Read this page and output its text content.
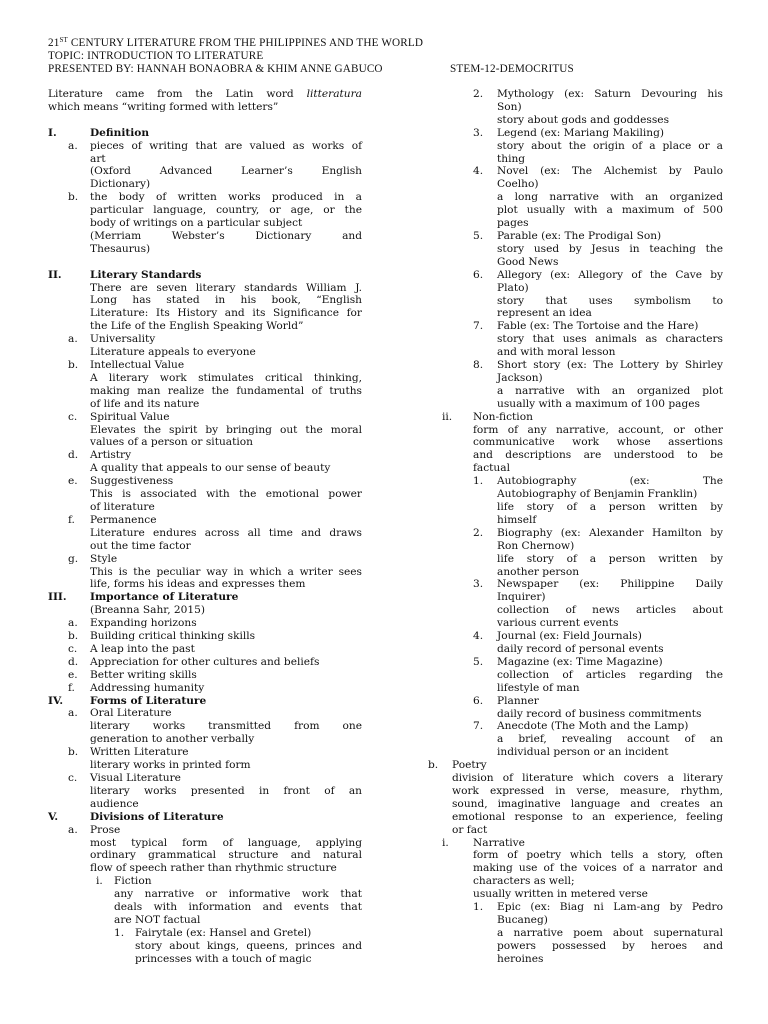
21ST CENTURY LITERATURE FROM THE PHILIPPINES AND THE WORLD
TOPIC: INTRODUCTION TO LITERATURE
PRESENTED BY: HANNAH BONAOBRA & KHIM ANNE GABUCO	STEM-12-DEMOCRITUS
Literature came from the Latin word litteratura
which means “writing formed with letters”
I.	Definition
a. pieces of writing that are valued as works of
art
(Oxford Advanced Learner’s English
Dictionary)
b. the body of written works produced in a
particular language, country, or age, or the
body of writings on a particular subject
(Merriam Webster’s Dictionary and
Thesaurus)
II.	Literary Standards
There are seven literary standards William J.
Long has stated in his book, “English
Literature: Its History and its Significance for
the Life of the English Speaking World”
a. Universality
Literature appeals to everyone
b. Intellectual Value
A literary work stimulates critical thinking,
making man realize the fundamental of truths
of life and its nature
c. Spiritual Value
Elevates the spirit by bringing out the moral
values of a person or situation
d. Artistry
A quality that appeals to our sense of beauty
e. Suggestiveness
This is associated with the emotional power
of literature
f. Permanence
Literature endures across all time and draws
out the time factor
g. Style
This is the peculiar way in which a writer sees
life, forms his ideas and expresses them
III. Importance of Literature
(Breanna Sahr, 2015)
a. Expanding horizons
b. Building critical thinking skills
c. A leap into the past
d. Appreciation for other cultures and beliefs
e. Better writing skills
f. Addressing humanity
IV.	Forms of Literature
a. Oral Literature
literary works transmitted from one
generation to another verbally
b. Written Literature
literary works in printed form
c. Visual Literature
literary works presented in front of an
audience
V.	Divisions of Literature
a. Prose
most typical form of language, applying
ordinary grammatical structure and natural
flow of speech rather than rhythmic structure
i. Fiction
any narrative or informative work that
deals with information and events that
are NOT factual
1. Fairytale (ex: Hansel and Gretel)
story about kings, queens, princes and
princesses with a touch of magic
2. Mythology (ex: Saturn Devouring his
Son)
story about gods and goddesses
3. Legend (ex: Mariang Makiling)
story about the origin of a place or a
thing
4. Novel (ex: The Alchemist by Paulo
Coelho)
a long narrative with an organized
plot usually with a maximum of 500
pages
5. Parable (ex: The Prodigal Son)
story used by Jesus in teaching the
Good News
6. Allegory (ex: Allegory of the Cave by
Plato)
story that uses symbolism to
represent an idea
7. Fable (ex: The Tortoise and the Hare)
story that uses animals as characters
and with moral lesson
8. Short story (ex: The Lottery by Shirley
Jackson)
a narrative with an organized plot
usually with a maximum of 100 pages
ii. Non-fiction
form of any narrative, account, or other
communicative work whose assertions
and descriptions are understood to be
factual
1. Autobiography (ex: The
Autobiography of Benjamin Franklin)
life story of a person written by
himself
2. Biography (ex: Alexander Hamilton by
Ron Chernow)
life story of a person written by
another person
3. Newspaper (ex: Philippine Daily
Inquirer)
collection of news articles about
various current events
4. Journal (ex: Field Journals)
daily record of personal events
5. Magazine (ex: Time Magazine)
collection of articles regarding the
lifestyle of man
6. Planner
daily record of business commitments
7. Anecdote (The Moth and the Lamp)
a brief, revealing account of an
individual person or an incident
b. Poetry
division of literature which covers a literary
work expressed in verse, measure, rhythm,
sound, imaginative language and creates an
emotional response to an experience, feeling
or fact
i. Narrative
form of poetry which tells a story, often
making use of the voices of a narrator and
characters as well;
usually written in metered verse
1. Epic (ex: Biag ni Lam-ang by Pedro
Bucaneg)
a narrative poem about supernatural
powers possessed by heroes and
heroines
